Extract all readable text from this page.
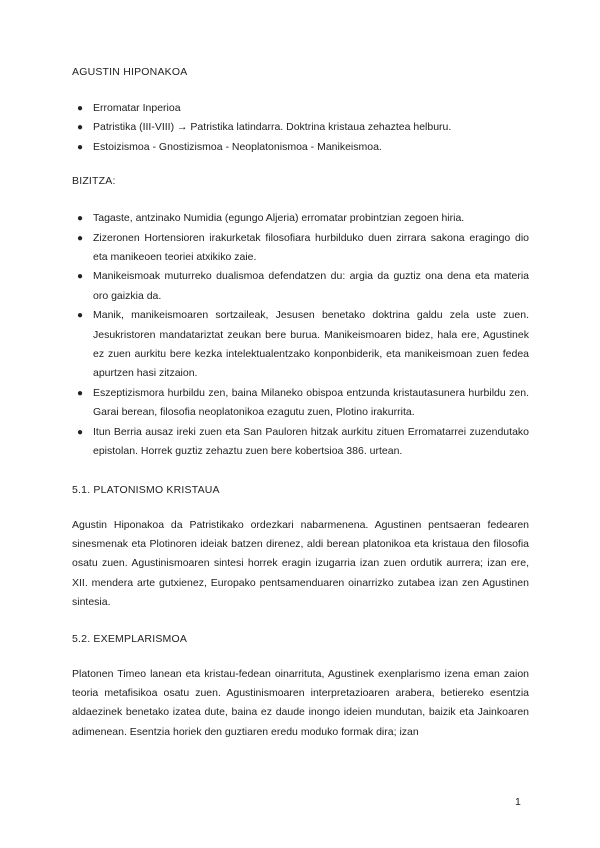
AGUSTIN HIPONAKOA
● Erromatar Inperioa
● Patristika (III-VIII) → Patristika latindarra. Doktrina kristaua zehaztea helburu.
● Estoizismoa - Gnostizismoa - Neoplatonismoa - Manikeismoa.
BIZITZA:
● Tagaste, antzinako Numidia (egungo Aljeria) erromatar probintzian zegoen hiria.
● Zizeronen Hortensioren irakurketak filosofiara hurbilduko duen zirrara sakona eragingo dio eta manikeoen teoriei atxikiko zaie.
● Manikeismoak muturreko dualismoa defendatzen du: argia da guztiz ona dena eta materia oro gaizkia da.
● Manik, manikeismoaren sortzaileak, Jesusen benetako doktrina galdu zela uste zuen. Jesukristoren mandatariztat zeukan bere burua. Manikeismoaren bidez, hala ere, Agustinek ez zuen aurkitu bere kezka intelektualentzako konponbiderik, eta manikeismoan zuen fedea apurtzen hasi zitzaion.
● Eszeptizismora hurbildu zen, baina Milaneko obispoa entzunda kristautasunera hurbildu zen. Garai berean, filosofia neoplatonikoa ezagutu zuen, Plotino irakurrita.
● Itun Berria ausaz ireki zuen eta San Pauloren hitzak aurkitu zituen Erromatarrei zuzendutako epistolan. Horrek guztiz zehaztu zuen bere kobertsioa 386. urtean.
5.1. PLATONISMO KRISTAUA

Agustin Hiponakoa da Patristikako ordezkari nabarmenena. Agustinen pentsaeran fedearen sinesmenak eta Plotinoren ideiak batzen direnez, aldi berean platonikoa eta kristaua den filosofia osatu zuen. Agustinismoaren sintesi horrek eragin izugarria izan zuen ordutik aurrera; izan ere, XII. mendera arte gutxienez, Europako pentsamenduaren oinarrizko zutabea izan zen Agustinen sintesia.

5.2. EXEMPLARISMOA

Platonen Timeo lanean eta kristau-fedean oinarrituta, Agustinek exenplarismo izena eman zaion teoria metafisikoa osatu zuen. Agustinismoaren interpretazioaren arabera, betiereko esentzia aldaezinek benetako izatea dute, baina ez daude inongo ideien mundutan, baizik eta Jainkoaren adimenean. Esentzia horiek den guztiaren eredu moduko formak dira; izan

1
